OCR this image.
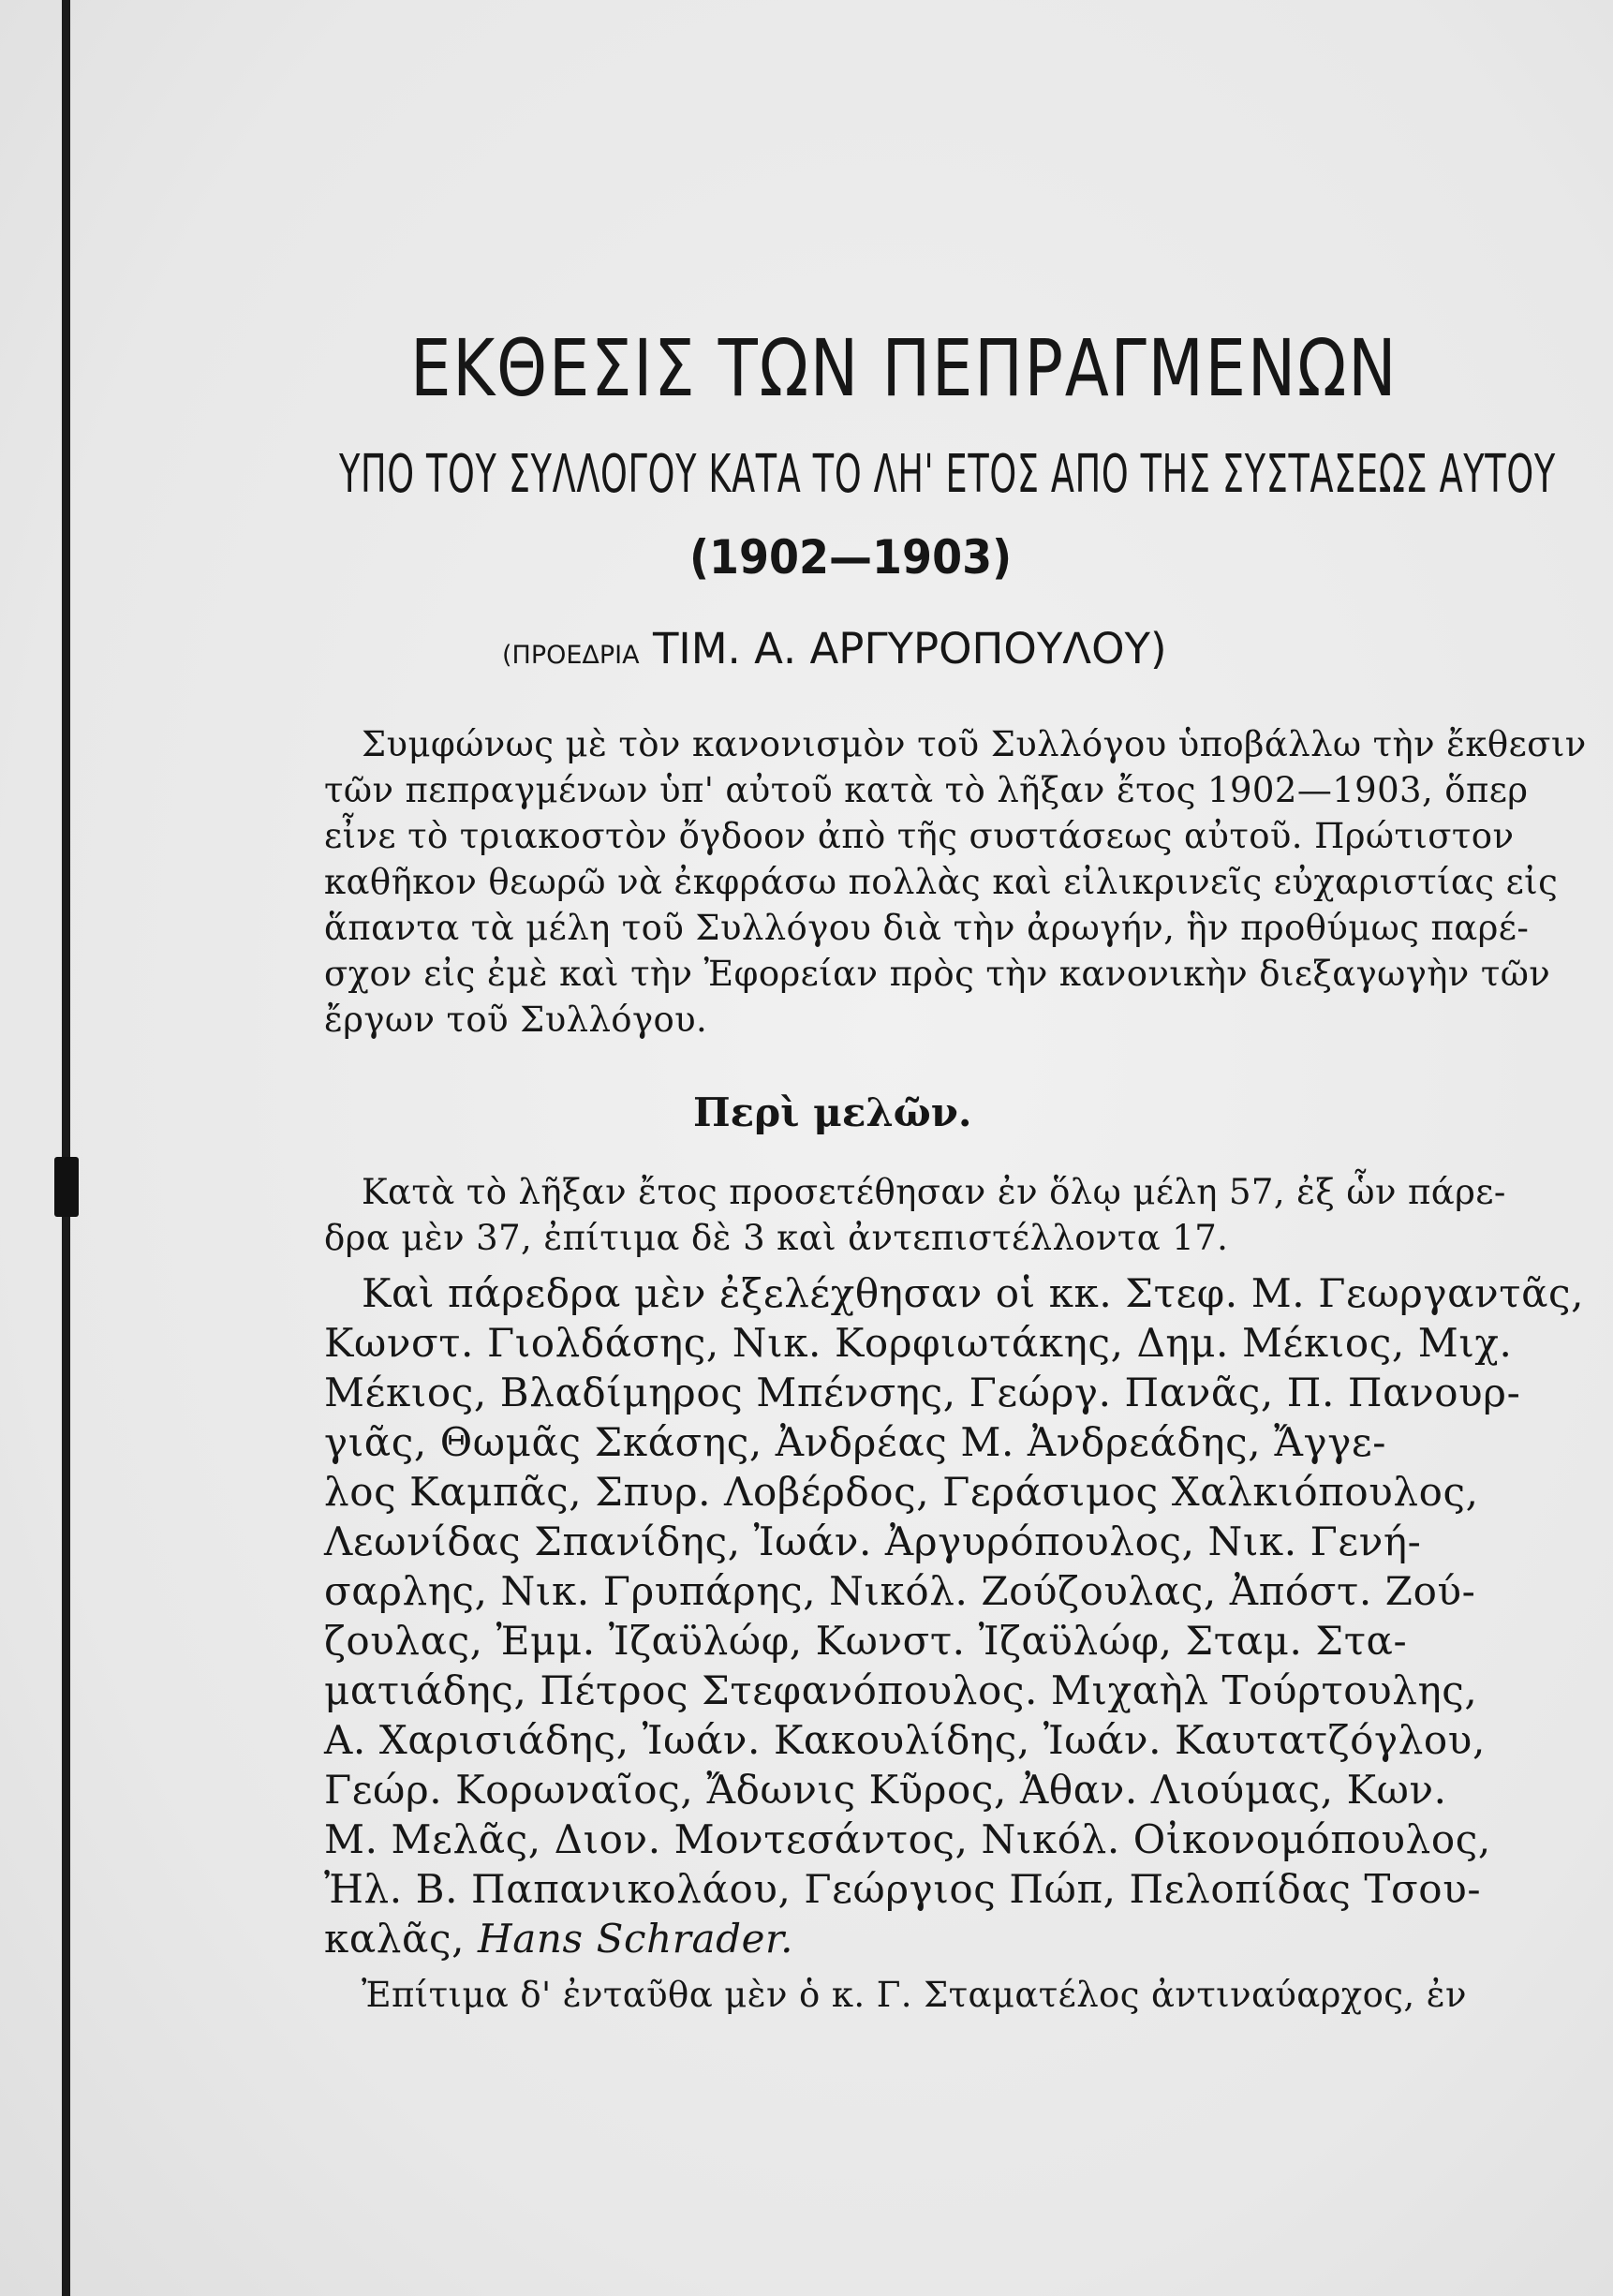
ΕΚΘΕΣΙΣ ΤΩΝ ΠΕΠΡΑΓΜΕΝΩΝ
ΥΠΟ ΤΟΥ ΣΥΛΛΟΓΟΥ ΚΑΤΑ ΤΟ ΛΗ' ΕΤΟΣ ΑΠΟ ΤΗΣ ΣΥΣΤΑΣΕΩΣ ΑΥΤΟΥ
(1902—1903)
(ΠΡΟΕΔΡΙΑ ΤΙΜ. Α. ΑΡΓΥΡΟΠΟΥΛΟΥ)
Συμφώνως μὲ τὸν κανονισμὸν τοῦ Συλλόγου ὑποβάλλω τὴν ἔκθεσιν
τῶν πεπραγμένων ὑπ' αὐτοῦ κατὰ τὸ λῆξαν ἔτος 1902—1903, ὅπερ
εἶνε τὸ τριακοστὸν ὄγδοον ἀπὸ τῆς συστάσεως αὐτοῦ. Πρώτιστον
καθῆκον θεωρῶ νὰ ἐκφράσω πολλὰς καὶ εἰλικρινεῖς εὐχαριστίας εἰς
ἅπαντα τὰ μέλη τοῦ Συλλόγου διὰ τὴν ἀρωγήν, ἣν προθύμως παρέ-
σχον εἰς ἐμὲ καὶ τὴν Ἐφορείαν πρὸς τὴν κανονικὴν διεξαγωγὴν τῶν
ἔργων τοῦ Συλλόγου.
Περὶ μελῶν.
Κατὰ τὸ λῆξαν ἔτος προσετέθησαν ἐν ὅλῳ μέλη 57, ἐξ ὧν πάρε-
δρα μὲν 37, ἐπίτιμα δὲ 3 καὶ ἀντεπιστέλλοντα 17.
Καὶ πάρεδρα μὲν ἐξελέχθησαν οἱ κκ. Στεφ. Μ. Γεωργαντᾶς,
Κωνστ. Γιολδάσης, Νικ. Κορφιωτάκης, Δημ. Μέκιος, Μιχ.
Μέκιος, Βλαδίμηρος Μπένσης, Γεώργ. Πανᾶς, Π. Πανουρ-
γιᾶς, Θωμᾶς Σκάσης, Ἀνδρέας Μ. Ἀνδρεάδης, Ἄγγε-
λος Καμπᾶς, Σπυρ. Λοβέρδος, Γεράσιμος Χαλκιόπουλος,
Λεωνίδας Σπανίδης, Ἰωάν. Ἀργυρόπουλος, Νικ. Γενή-
σαρλης, Νικ. Γρυπάρης, Νικόλ. Ζούζουλας, Ἀπόστ. Ζού-
ζουλας, Ἐμμ. Ἰζαϋλώφ, Κωνστ. Ἰζαϋλώφ, Σταμ. Στα-
ματιάδης, Πέτρος Στεφανόπουλος. Μιχαὴλ Τούρτουλης,
Α. Χαρισιάδης, Ἰωάν. Κακουλίδης, Ἰωάν. Καυτατζόγλου,
Γεώρ. Κορωναῖος, Ἄδωνις Κῦρος, Ἀθαν. Λιούμας, Κων.
Μ. Μελᾶς, Διον. Μοντεσάντος, Νικόλ. Οἰκονομόπουλος,
Ἠλ. Β. Παπανικολάου, Γεώργιος Πώπ, Πελοπίδας Τσου-
καλᾶς, Hans Schrader.
Ἐπίτιμα δ' ἐνταῦθα μὲν ὁ κ. Γ. Σταματέλος ἀντιναύαρχος, ἐν
